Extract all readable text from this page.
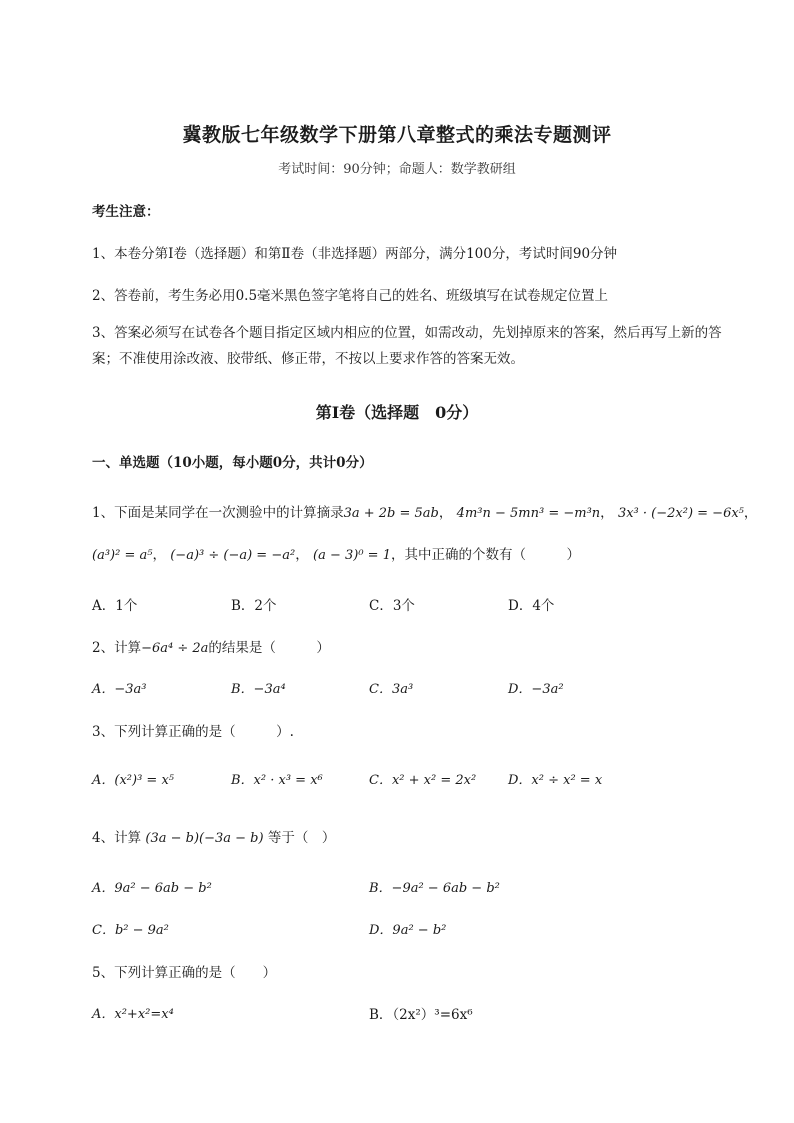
冀教版七年级数学下册第八章整式的乘法专题测评
考试时间：90分钟；命题人：数学教研组
考生注意：
1、本卷分第I卷（选择题）和第Ⅱ卷（非选择题）两部分，满分100分，考试时间90分钟
2、答卷前，考生务必用0.5毫米黑色签字笔将自己的姓名、班级填写在试卷规定位置上
3、答案必须写在试卷各个题目指定区域内相应的位置，如需改动，先划掉原来的答案，然后再写上新的答案；不准使用涂改液、胶带纸、修正带，不按以上要求作答的答案无效。
第I卷（选择题　0分）
一、单选题（10小题，每小题0分，共计0分）
1、下面是某同学在一次测验中的计算摘录3a + 2b = 5ab， 4m³n − 5mn³ = −m³n， 3x³ · (−2x²) = −6x⁵，
(a³)² = a⁵， (−a)³ ÷ (−a) = −a²， (a − 3)⁰ = 1，其中正确的个数有（　　　）
A．1个	B．2个	C．3个	D．4个
2、计算−6a⁴ ÷ 2a的结果是（　　　）
A．−3a³	B．−3a⁴	C．3a³	D．−3a²
3、下列计算正确的是（　　　）.
A．(x²)³ = x⁵	B．x² · x³ = x⁶	C．x² + x² = 2x² D．x² ÷ x² = x
4、计算 (3a − b)(−3a − b) 等于（　）
A．9a² − 6ab − b²	B．−9a² − 6ab − b²
C．b² − 9a²	D．9a² − b²
5、下列计算正确的是（　　）
A．x²+x²=x⁴	B．（2x²）³=6x⁶
